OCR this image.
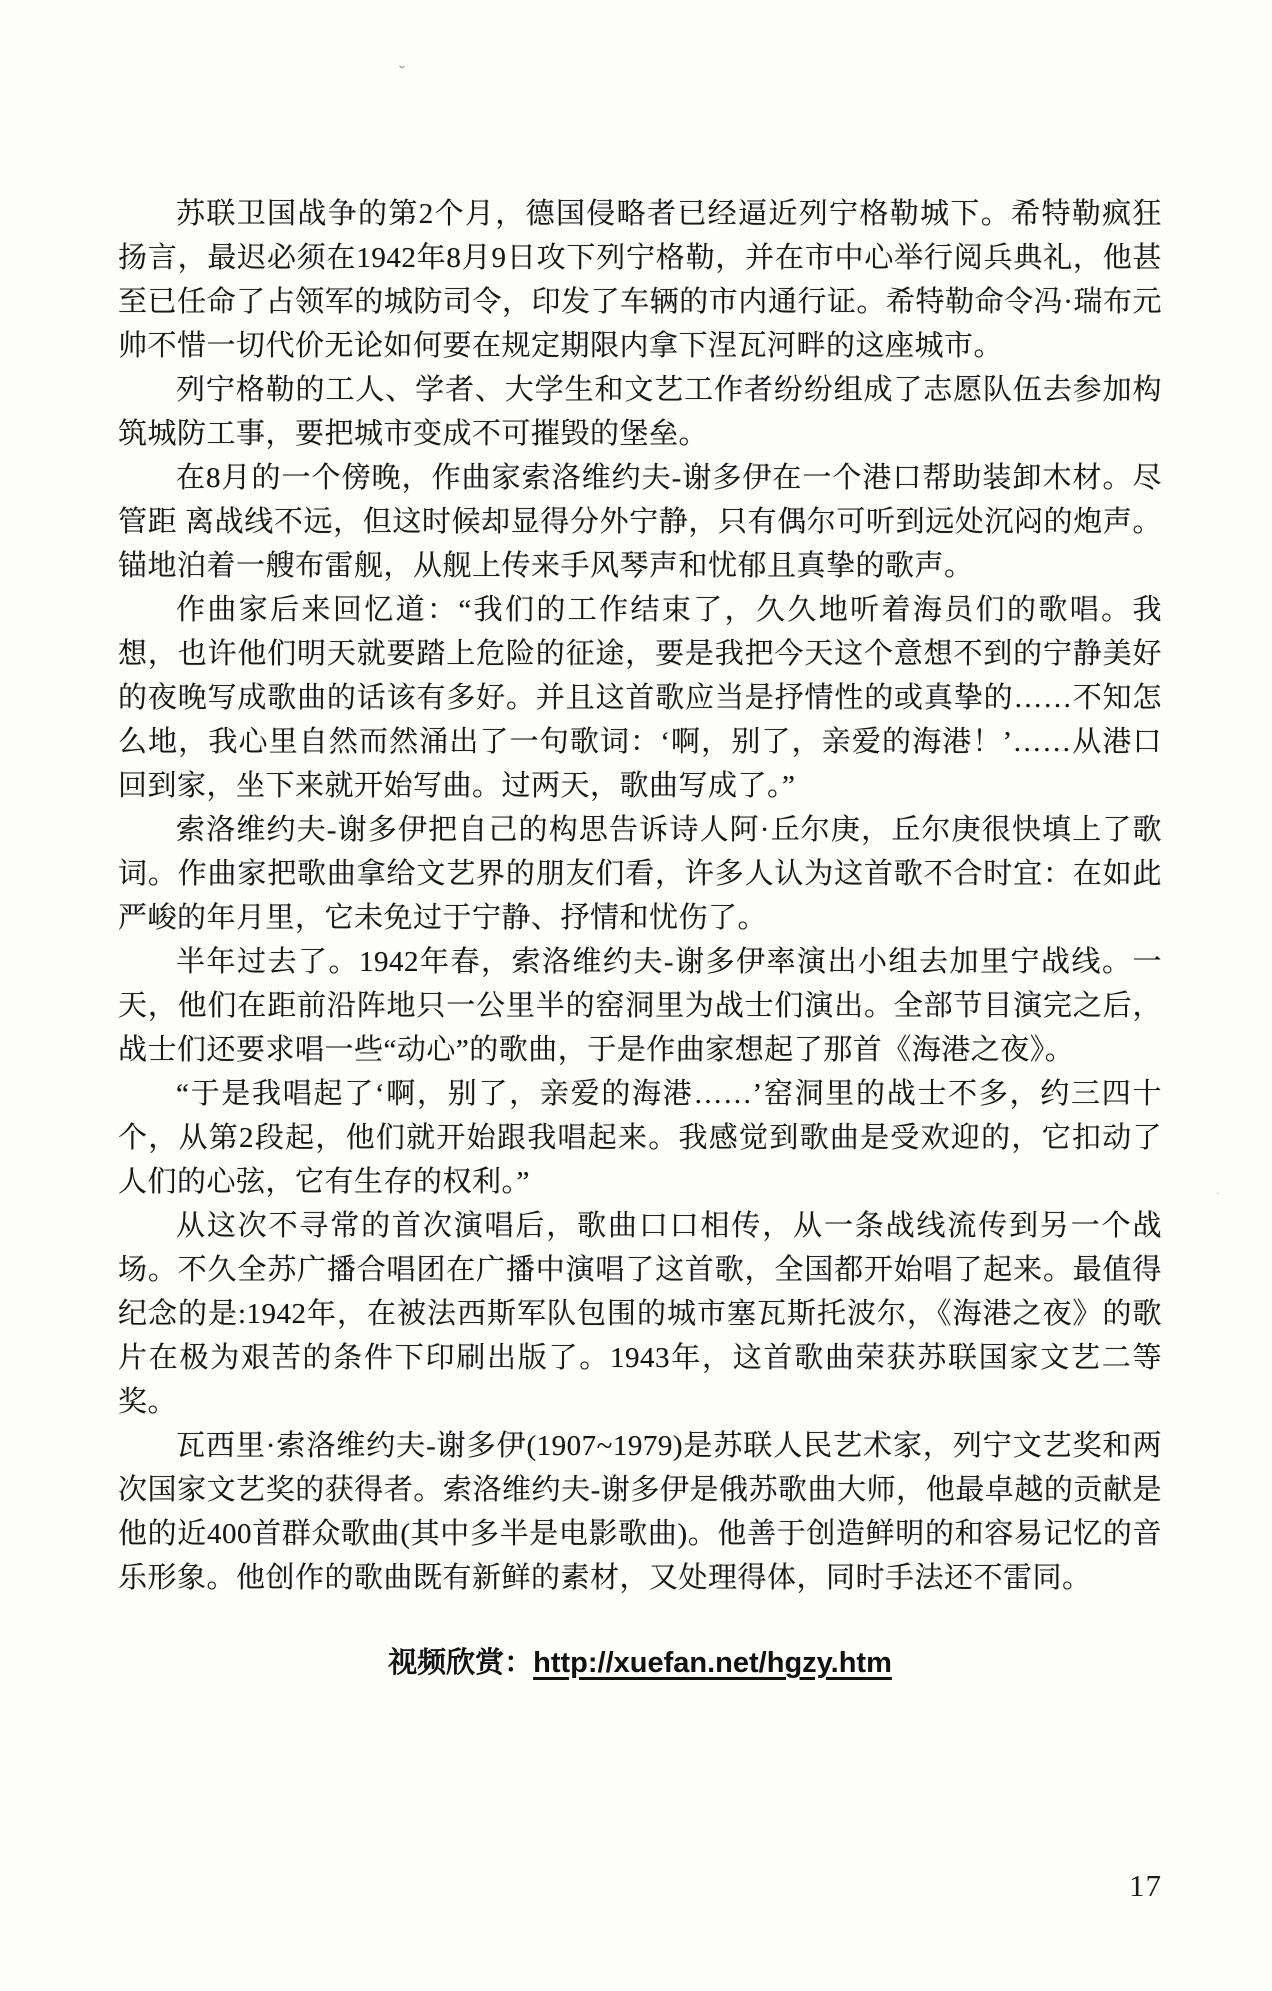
ˇ
·

苏联卫国战争的第2个月，德国侵略者已经逼近列宁格勒城下。希特勒疯狂扬言，最迟必须在1942年8月9日攻下列宁格勒，并在市中心举行阅兵典礼，他甚至已任命了占领军的城防司令，印发了车辆的市内通行证。希特勒命令冯·瑞布元帅不惜一切代价无论如何要在规定期限内拿下涅瓦河畔的这座城市。

列宁格勒的工人、学者、大学生和文艺工作者纷纷组成了志愿队伍去参加构筑城防工事，要把城市变成不可摧毁的堡垒。

在8月的一个傍晚，作曲家索洛维约夫-谢多伊在一个港口帮助装卸木材。尽管距 离战线不远，但这时候却显得分外宁静，只有偶尔可听到远处沉闷的炮声。锚地泊着一艘布雷舰，从舰上传来手风琴声和忧郁且真挚的歌声。

作曲家后来回忆道：“我们的工作结束了，久久地听着海员们的歌唱。我想，也许他们明天就要踏上危险的征途，要是我把今天这个意想不到的宁静美好的夜晚写成歌曲的话该有多好。并且这首歌应当是抒情性的或真挚的……不知怎么地，我心里自然而然涌出了一句歌词：‘啊，别了，亲爱的海港！’……从港口回到家，坐下来就开始写曲。过两天，歌曲写成了。”

索洛维约夫-谢多伊把自己的构思告诉诗人阿·丘尔庚，丘尔庚很快填上了歌词。作曲家把歌曲拿给文艺界的朋友们看，许多人认为这首歌不合时宜：在如此严峻的年月里，它未免过于宁静、抒情和忧伤了。

半年过去了。1942年春，索洛维约夫-谢多伊率演出小组去加里宁战线。一天，他们在距前沿阵地只一公里半的窑洞里为战士们演出。全部节目演完之后，战士们还要求唱一些“动心”的歌曲，于是作曲家想起了那首《海港之夜》。

“于是我唱起了‘啊，别了，亲爱的海港……’窑洞里的战士不多，约三四十个，从第2段起，他们就开始跟我唱起来。我感觉到歌曲是受欢迎的，它扣动了人们的心弦，它有生存的权利。”

从这次不寻常的首次演唱后，歌曲口口相传，从一条战线流传到另一个战场。不久全苏广播合唱团在广播中演唱了这首歌，全国都开始唱了起来。最值得纪念的是:1942年，在被法西斯军队包围的城市塞瓦斯托波尔，《海港之夜》的歌片在极为艰苦的条件下印刷出版了。1943年，这首歌曲荣获苏联国家文艺二等奖。

瓦西里·索洛维约夫-谢多伊(1907~1979)是苏联人民艺术家，列宁文艺奖和两次国家文艺奖的获得者。索洛维约夫-谢多伊是俄苏歌曲大师，他最卓越的贡献是他的近400首群众歌曲(其中多半是电影歌曲)。他善于创造鲜明的和容易记忆的音乐形象。他创作的歌曲既有新鲜的素材，又处理得体，同时手法还不雷同。

视频欣赏：http://xuefan.net/hgzy.htm
17
